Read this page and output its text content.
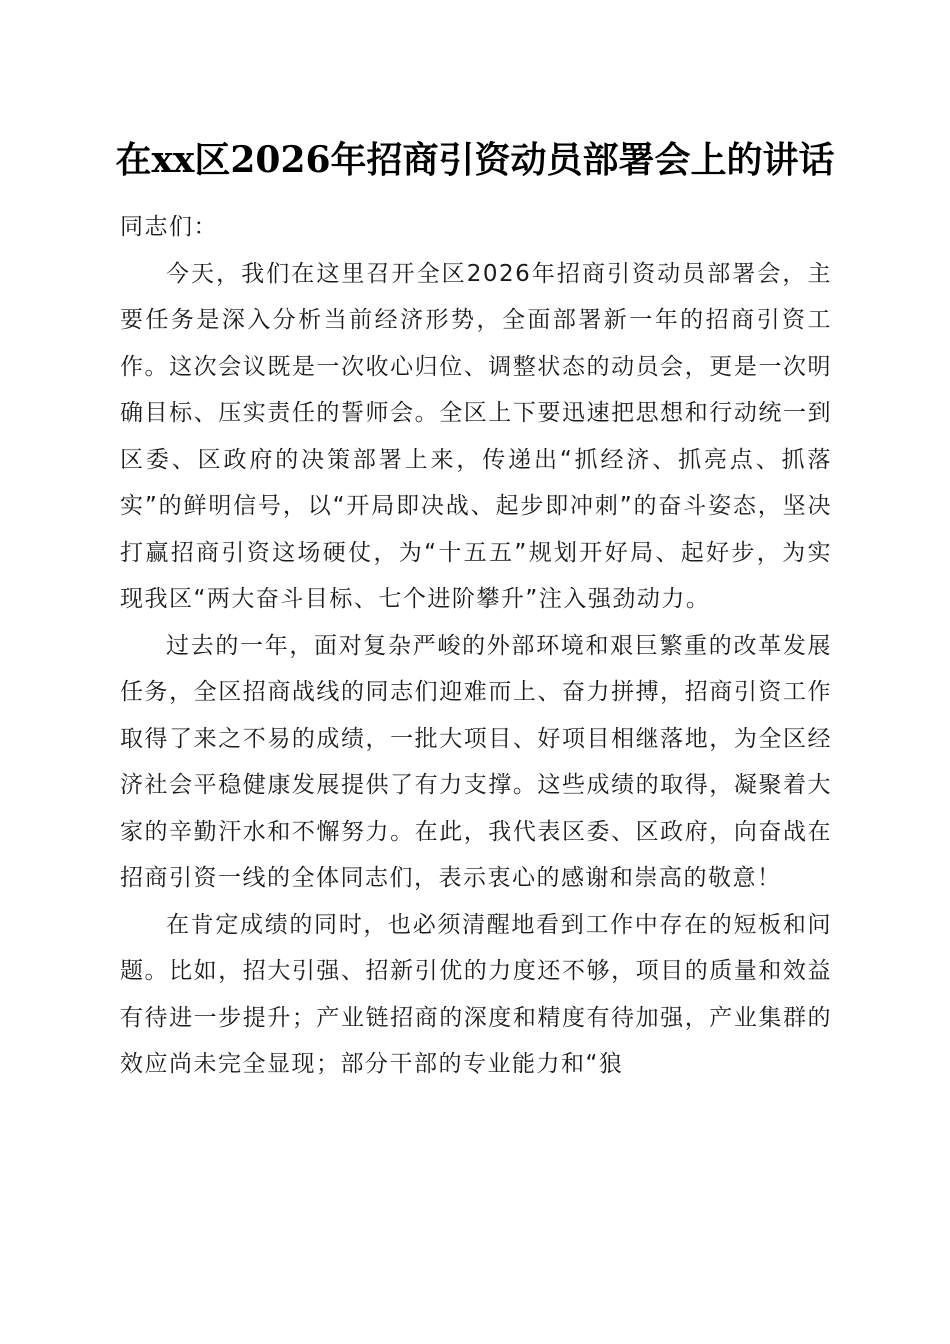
在xx区2026年招商引资动员部署会上的讲话

同志们：

今天，我们在这里召开全区2026年招商引资动员部署会，主要任务是深入分析当前经济形势，全面部署新一年的招商引资工作。这次会议既是一次收心归位、调整状态的动员会，更是一次明确目标、压实责任的誓师会。全区上下要迅速把思想和行动统一到区委、区政府的决策部署上来，传递出“抓经济、抓亮点、抓落实”的鲜明信号，以“开局即决战、起步即冲刺”的奋斗姿态，坚决打赢招商引资这场硬仗，为“十五五”规划开好局、起好步，为实现我区“两大奋斗目标、七个进阶攀升”注入强劲动力。

过去的一年，面对复杂严峻的外部环境和艰巨繁重的改革发展任务，全区招商战线的同志们迎难而上、奋力拼搏，招商引资工作取得了来之不易的成绩，一批大项目、好项目相继落地，为全区经济社会平稳健康发展提供了有力支撑。这些成绩的取得，凝聚着大家的辛勤汗水和不懈努力。在此，我代表区委、区政府，向奋战在招商引资一线的全体同志们，表示衷心的感谢和崇高的敬意！

在肯定成绩的同时，也必须清醒地看到工作中存在的短板和问题。比如，招大引强、招新引优的力度还不够，项目的质量和效益有待进一步提升；产业链招商的深度和精度有待加强，产业集群的效应尚未完全显现；部分干部的专业能力和“狼
